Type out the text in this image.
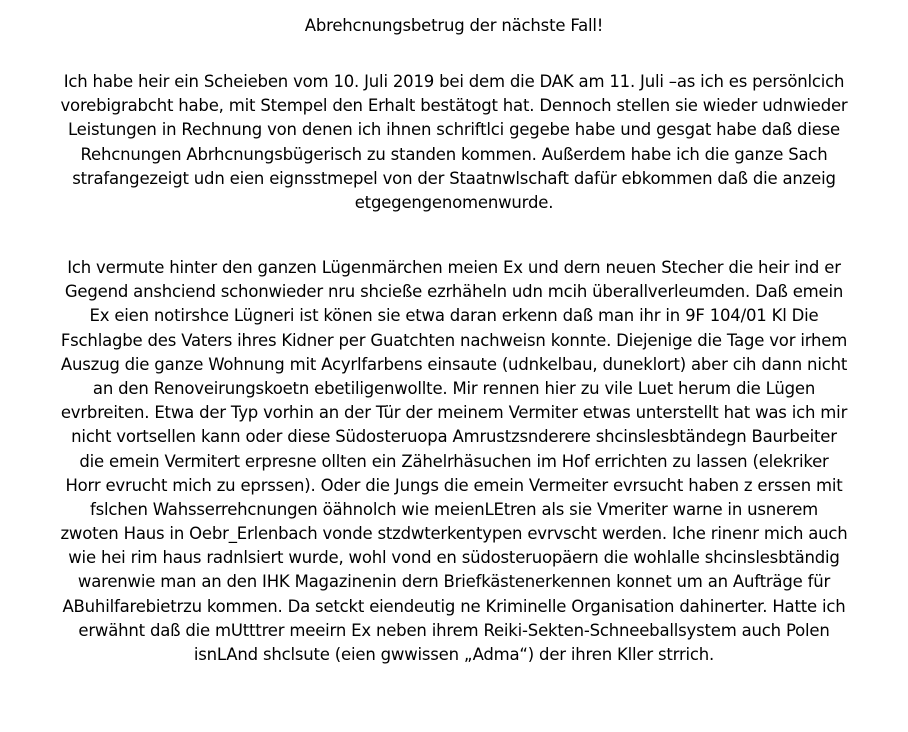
Abrehcnungsbetrug der nächste Fall!
Ich habe heir ein Scheieben vom 10. Juli 2019 bei dem die DAK am 11. Juli –as ich es persönlcich
vorebigrabcht habe, mit Stempel den Erhalt bestätogt hat. Dennoch stellen sie wieder udnwieder
Leistungen in Rechnung von denen ich ihnen schriftlci gegebe habe und gesgat habe daß diese
Rehcnungen Abrhcnungsbügerisch zu standen kommen. Außerdem habe ich die ganze Sach
strafangezeigt udn eien eignsstmepel von der Staatnwlschaft dafür ebkommen daß die anzeig
etgegengenomenwurde.
Ich vermute hinter den ganzen Lügenmärchen meien Ex und dern neuen Stecher die heir ind er
Gegend anshciend schonwieder nru shcieße ezrhäheln udn mcih überallverleumden. Daß emein
Ex eien notirshce Lügneri ist könen sie etwa daran erkenn daß man ihr in 9F 104/01 Kl Die
Fschlagbe des Vaters ihres Kidner per Guatchten nachweisn konnte. Diejenige die Tage vor irhem
Auszug die ganze Wohnung mit Acyrlfarbens einsaute (udnkelbau, duneklort) aber cih dann nicht
an den Renoveirungskoetn ebetiligenwollte. Mir rennen hier zu vile Luet herum die Lügen
evrbreiten. Etwa der Typ vorhin an der Tür der meinem Vermiter etwas unterstellt hat was ich mir
nicht vortsellen kann oder diese Südosteruopa Amrustzsnderere shcinslesbtändegn Baurbeiter
die emein Vermitert erpresne ollten ein Zähelrhäsuchen im Hof errichten zu lassen (elekriker
Horr evrucht mich zu eprssen). Oder die Jungs die emein Vermeiter evrsucht haben z erssen mit
fslchen Wahsserrehcnungen öähnolch wie meienLEtren als sie Vmeriter warne in usnerem
zwoten Haus in Oebr_Erlenbach vonde stzdwterkentypen evrvscht werden. Iche rinenr mich auch
wie hei rim haus radnlsiert wurde, wohl vond en südosteruopäern die wohlalle shcinslesbtändig
warenwie man an den IHK Magazinenin dern Briefkästenerkennen konnet um an Aufträge für
ABuhilfarebietrzu kommen. Da setckt eiendeutig ne Kriminelle Organisation dahinerter. Hatte ich
erwähnt daß die mUtttrer meeirn Ex neben ihrem Reiki-Sekten-Schneeballsystem auch Polen
isnLAnd shclsute (eien gwwissen „Adma“) der ihren Kller strrich.
